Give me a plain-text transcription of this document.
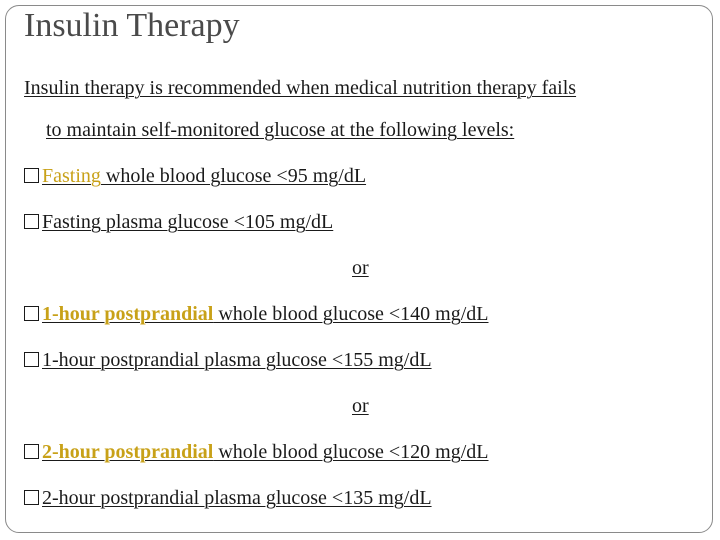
Insulin Therapy
Insulin therapy is recommended when medical nutrition therapy fails
to maintain self-monitored glucose at the following levels:
Fasting whole blood glucose <95 mg/dL
Fasting plasma glucose <105 mg/dL
or
1-hour postprandial whole blood glucose <140 mg/dL
1-hour postprandial plasma glucose <155 mg/dL
or
2-hour postprandial whole blood glucose <120 mg/dL
2-hour postprandial plasma glucose <135 mg/dL
